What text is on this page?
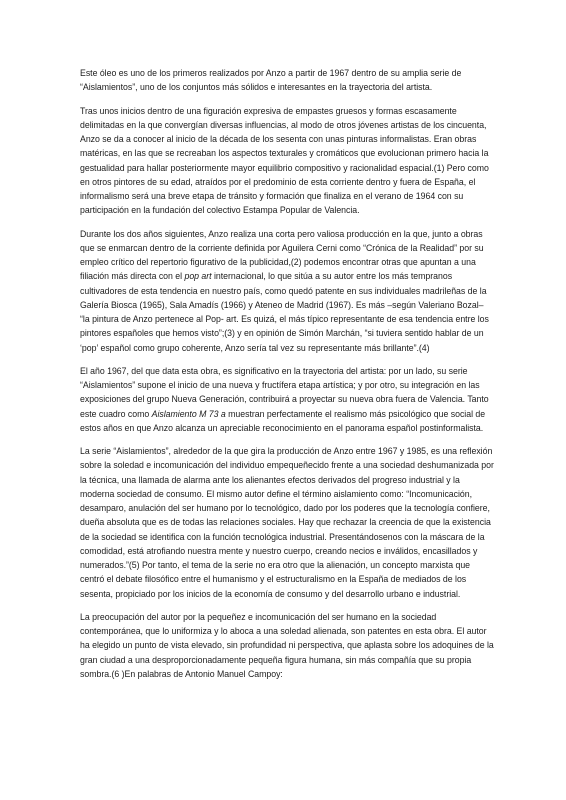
Este óleo es uno de los primeros realizados por Anzo a partir de 1967 dentro de su amplia serie de “Aislamientos”, uno de los conjuntos más sólidos e interesantes en la trayectoria del artista.

Tras unos inicios dentro de una figuración expresiva de empastes gruesos y formas escasamente delimitadas en la que convergían diversas influencias, al modo de otros jóvenes artistas de los cincuenta, Anzo se da a conocer al inicio de la década de los sesenta con unas pinturas informalistas. Eran obras matéricas, en las que se recreaban los aspectos texturales y cromáticos que evolucionan primero hacia la gestualidad para hallar posteriormente mayor equilibrio compositivo y racionalidad espacial.(1) Pero como en otros pintores de su edad, atraídos por el predominio de esta corriente dentro y fuera de España, el informalismo será una breve etapa de tránsito y formación que finaliza en el verano de 1964 con su participación en la fundación del colectivo Estampa Popular de Valencia.

Durante los dos años siguientes, Anzo realiza una corta pero valiosa producción en la que, junto a obras que se enmarcan dentro de la corriente definida por Aguilera Cerni como “Crónica de la Realidad” por su empleo crítico del repertorio figurativo de la publicidad,(2) podemos encontrar otras que apuntan a una filiación más directa con el pop art internacional, lo que sitúa a su autor entre los más tempranos cultivadores de esta tendencia en nuestro país, como quedó patente en sus individuales madrileñas de la Galería Biosca (1965), Sala Amadís (1966) y Ateneo de Madrid (1967). Es más –según Valeriano Bozal– “la pintura de Anzo pertenece al Pop- art. Es quizá, el más típico representante de esa tendencia entre los pintores españoles que hemos visto”;(3) y en opinión de Simón Marchán, “si tuviera sentido hablar de un ‘pop’ español como grupo coherente, Anzo sería tal vez su representante más brillante”.(4)

El año 1967, del que data esta obra, es significativo en la trayectoria del artista: por un lado, su serie “Aislamientos” supone el inicio de una nueva y fructífera etapa artística; y por otro, su integración en las exposiciones del grupo Nueva Generación, contribuirá a proyectar su nueva obra fuera de Valencia. Tanto este cuadro como Aislamiento M 73 a muestran perfectamente el realismo más psicológico que social de estos años en que Anzo alcanza un apreciable reconocimiento en el panorama español postinformalista.

La serie “Aislamientos”, alrededor de la que gira la producción de Anzo entre 1967 y 1985, es una reflexión sobre la soledad e incomunicación del individuo empequeñecido frente a una sociedad deshumanizada por la técnica, una llamada de alarma ante los alienantes efectos derivados del progreso industrial y la moderna sociedad de consumo. El mismo autor define el término aislamiento como: “Incomunicación, desamparo, anulación del ser humano por lo tecnológico, dado por los poderes que la tecnología confiere, dueña absoluta que es de todas las relaciones sociales. Hay que rechazar la creencia de que la existencia de la sociedad se identifica con la función tecnológica industrial. Presentándosenos con la máscara de la comodidad, está atrofiando nuestra mente y nuestro cuerpo, creando necios e inválidos, encasillados y numerados.”(5) Por tanto, el tema de la serie no era otro que la alienación, un concepto marxista que centró el debate filosófico entre el humanismo y el estructuralismo en la España de mediados de los sesenta, propiciado por los inicios de la economía de consumo y del desarrollo urbano e industrial.

La preocupación del autor por la pequeñez e incomunicación del ser humano en la sociedad contemporánea, que lo uniformiza y lo aboca a una soledad alienada, son patentes en esta obra. El autor ha elegido un punto de vista elevado, sin profundidad ni perspectiva, que aplasta sobre los adoquines de la gran ciudad a una desproporcionadamente pequeña figura humana, sin más compañía que su propia sombra.(6 )En palabras de Antonio Manuel Campoy:
